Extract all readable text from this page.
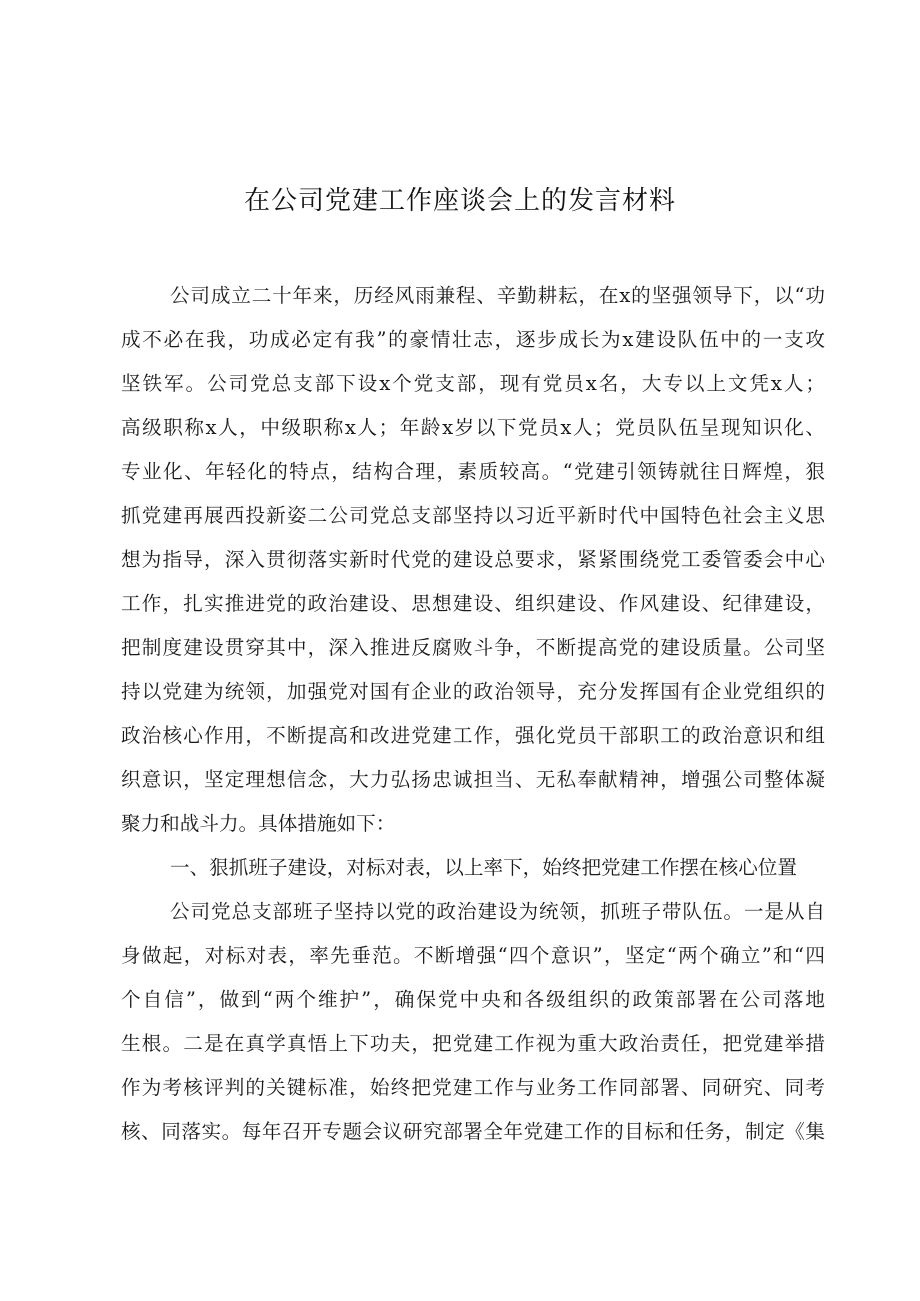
在公司党建工作座谈会上的发言材料
公司成立二十年来，历经风雨兼程、辛勤耕耘，在x的坚强领导下，以“功
成不必在我，功成必定有我”的豪情壮志，逐步成长为x建设队伍中的一支攻
坚铁军。公司党总支部下设x个党支部，现有党员x名，大专以上文凭x人；
高级职称x人，中级职称x人；年龄x岁以下党员x人；党员队伍呈现知识化、
专业化、年轻化的特点，结构合理，素质较高。“党建引领铸就往日辉煌，狠
抓党建再展西投新姿二公司党总支部坚持以习近平新时代中国特色社会主义思
想为指导，深入贯彻落实新时代党的建设总要求，紧紧围绕党工委管委会中心
工作，扎实推进党的政治建设、思想建设、组织建设、作风建设、纪律建设，
把制度建设贯穿其中，深入推进反腐败斗争，不断提高党的建设质量。公司坚
持以党建为统领，加强党对国有企业的政治领导，充分发挥国有企业党组织的
政治核心作用，不断提高和改进党建工作，强化党员干部职工的政治意识和组
织意识，坚定理想信念，大力弘扬忠诚担当、无私奉献精神，增强公司整体凝
聚力和战斗力。具体措施如下：
一、狠抓班子建设，对标对表，以上率下，始终把党建工作摆在核心位置
公司党总支部班子坚持以党的政治建设为统领，抓班子带队伍。一是从自
身做起，对标对表，率先垂范。不断增强“四个意识”，坚定“两个确立”和“四
个自信”，做到“两个维护”，确保党中央和各级组织的政策部署在公司落地
生根。二是在真学真悟上下功夫，把党建工作视为重大政治责任，把党建举措
作为考核评判的关键标准，始终把党建工作与业务工作同部署、同研究、同考
核、同落实。每年召开专题会议研究部署全年党建工作的目标和任务，制定《集
